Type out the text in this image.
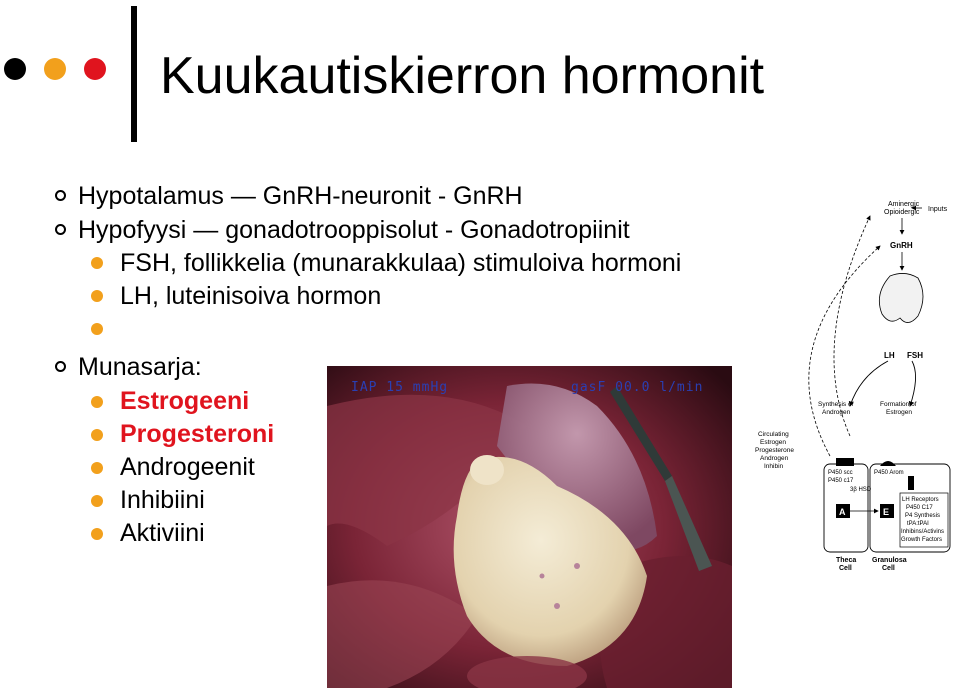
Kuukautiskierron hormonit
Hypotalamus — GnRH-neuronit - GnRH
Hypofyysi — gonadotrooppisolut - Gonadotropiinit
FSH, follikkelia (munarakkulaa) stimuloiva hormoni
LH, luteinisoiva hormon
Munasarja:
Estrogeeni
Progesteroni
Androgeenit
Inhibiini
Aktiviini
IAP 15 mmHg	gasF 00.0 l/min
Aminergic
Opioidergic Inputs
GnRH
LH FSH
Synthesis of
Androgen
Formation of
Estrogen
Circulating
Estrogen
Progesterone
Androgen
Inhibin
P450 scc
P450 c17
P450 Arom
3β HSD
LH Receptors
P450 C17
P4 Synthesis
tPA:tPAI
Inhibins/Activins
Growth Factors
A	E
Theca
Cell
Granulosa
Cell
